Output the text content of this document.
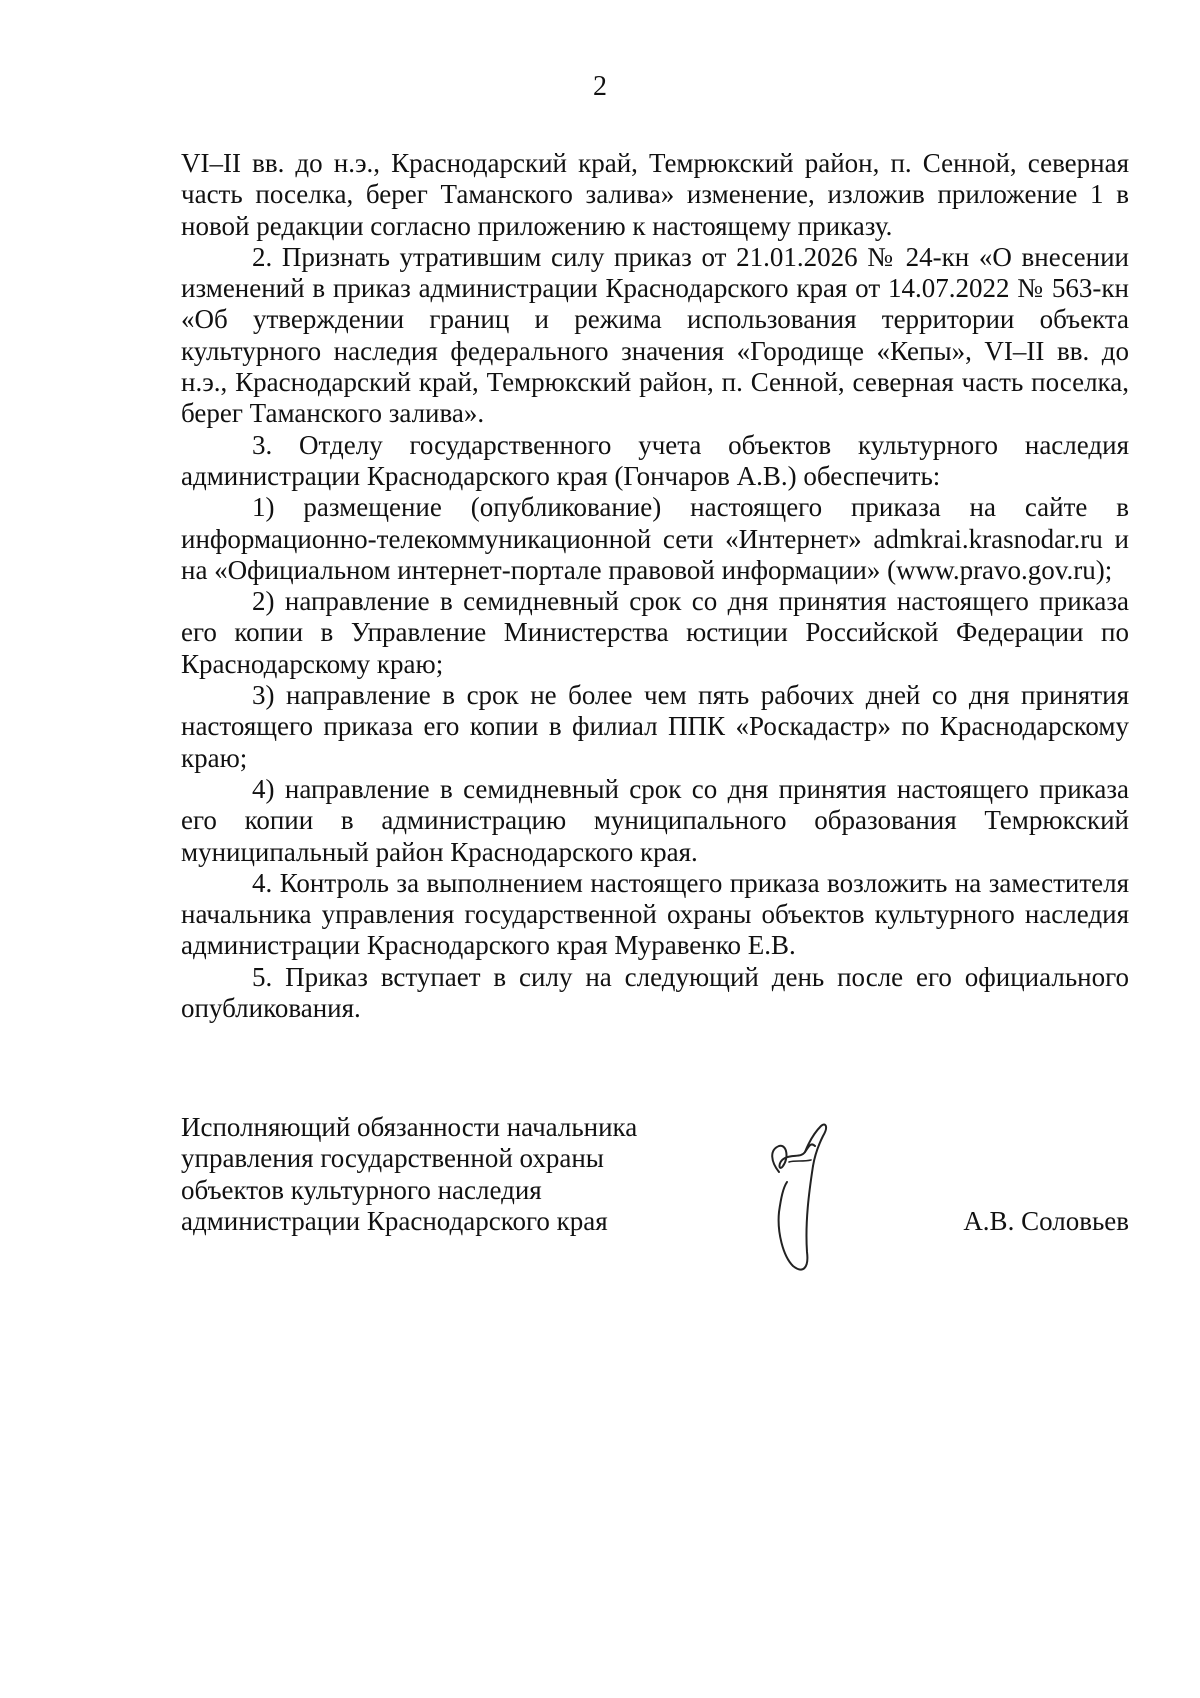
2

VI–II вв. до н.э., Краснодарский край, Темрюкский район, п. Сенной, северная часть поселка, берег Таманского залива» изменение, изложив приложение 1 в новой редакции согласно приложению к настоящему приказу.

2. Признать утратившим силу приказ от 21.01.2026 № 24-кн «О внесении изменений в приказ администрации Краснодарского края от 14.07.2022 № 563-кн «Об утверждении границ и режима использования территории объекта культурного наследия федерального значения «Городище «Кепы», VI–II вв. до н.э., Краснодарский край, Темрюкский район, п. Сенной, северная часть поселка, берег Таманского залива».

3. Отделу государственного учета объектов культурного наследия администрации Краснодарского края (Гончаров А.В.) обеспечить:

1) размещение (опубликование) настоящего приказа на сайте в информационно-телекоммуникационной сети «Интернет» admkrai.krasnodar.ru и на «Официальном интернет-портале правовой информации» (www.pravo.gov.ru);

2) направление в семидневный срок со дня принятия настоящего приказа его копии в Управление Министерства юстиции Российской Федерации по Краснодарскому краю;

3) направление в срок не более чем пять рабочих дней со дня принятия настоящего приказа его копии в филиал ППК «Роскадастр» по Краснодарскому краю;

4) направление в семидневный срок со дня принятия настоящего приказа его копии в администрацию муниципального образования Темрюкский муниципальный район Краснодарского края.

4. Контроль за выполнением настоящего приказа возложить на заместителя начальника управления государственной охраны объектов культурного наследия администрации Краснодарского края Муравенко Е.В.

5. Приказ вступает в силу на следующий день после его официального опубликования.

Исполняющий обязанности начальника
управления государственной охраны
объектов культурного наследия
администрации Краснодарского края	А.В. Соловьев
